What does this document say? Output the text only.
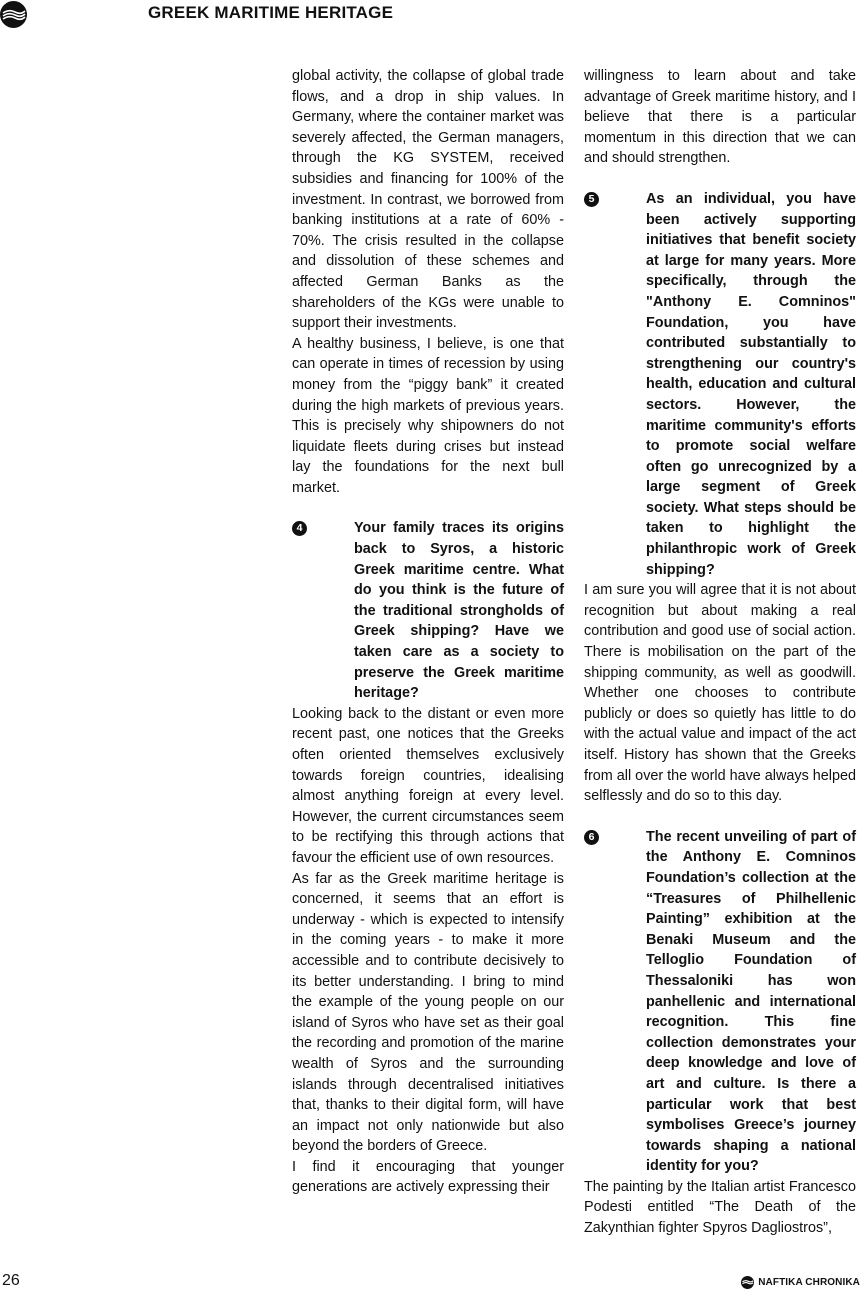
GREEK MARITIME HERITAGE

global activity, the collapse of global trade flows, and a drop in ship values. In Germany, where the container market was severely affected, the German managers, through the KG SYSTEM, received subsidies and financing for 100% of the investment. In contrast, we borrowed from banking institutions at a rate of 60% - 70%. The crisis resulted in the collapse and dissolution of these schemes and affected German Banks as the shareholders of the KGs were unable to support their investments.

A healthy business, I believe, is one that can operate in times of recession by using money from the “piggy bank” it created during the high markets of previous years. This is precisely why shipowners do not liquidate fleets during crises but instead lay the foundations for the next bull market.

4	Your family traces its origins back to Syros, a historic Greek maritime centre. What do you think is the future of the traditional strongholds of Greek shipping? Have we taken care as a society to preserve the Greek maritime heritage?

Looking back to the distant or even more recent past, one notices that the Greeks often oriented themselves exclusively towards foreign countries, idealising almost anything foreign at every level. However, the current circumstances seem to be rectifying this through actions that favour the efficient use of own resources.

As far as the Greek maritime heritage is concerned, it seems that an effort is underway - which is expected to intensify in the coming years - to make it more accessible and to contribute decisively to its better understanding. I bring to mind the example of the young people on our island of Syros who have set as their goal the recording and promotion of the marine wealth of Syros and the surrounding islands through decentralised initiatives that, thanks to their digital form, will have an impact not only nationwide but also beyond the borders of Greece.

I find it encouraging that younger generations are actively expressing their

willingness to learn about and take advantage of Greek maritime history, and I believe that there is a particular momentum in this direction that we can and should strengthen.

5	As an individual, you have been actively supporting initiatives that benefit society at large for many years. More specifically, through the "Anthony E. Comninos" Foundation, you have contributed substantially to strengthening our country's health, education and cultural sectors. However, the maritime community's efforts to promote social welfare often go unrecognized by a large segment of Greek society. What steps should be taken to highlight the philanthropic work of Greek shipping?

I am sure you will agree that it is not about recognition but about making a real contribution and good use of social action. There is mobilisation on the part of the shipping community, as well as goodwill. Whether one chooses to contribute publicly or does so quietly has little to do with the actual value and impact of the act itself. History has shown that the Greeks from all over the world have always helped selflessly and do so to this day.

6	The recent unveiling of part of the Anthony E. Comninos Foundation’s collection at the “Treasures of Philhellenic Painting” exhibition at the Benaki Museum and the Telloglio Foundation of Thessaloniki has won panhellenic and international recognition. This fine collection demonstrates your deep knowledge and love of art and culture. Is there a particular work that best symbolises Greece’s journey towards shaping a national identity for you?

The painting by the Italian artist Francesco Podesti entitled “The Death of the Zakynthian fighter Spyros Dagliostros”,

26	NAFTIKA CHRONIKA
